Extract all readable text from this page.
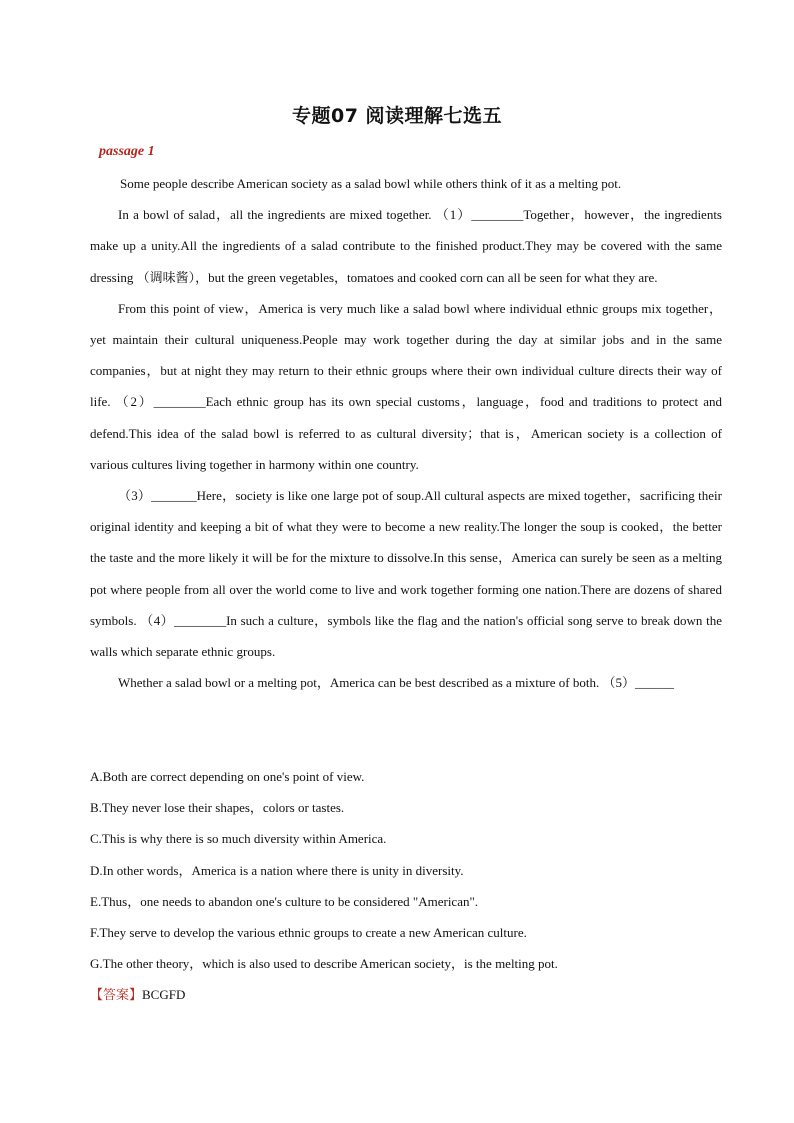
专题07 阅读理解七选五
passage 1

Some people describe American society as a salad bowl while others think of it as a melting pot.

In a bowl of salad，all the ingredients are mixed together. （1）________Together，however，the ingredients make up a unity.All the ingredients of a salad contribute to the finished product.They may be covered with the same dressing （调味酱），but the green vegetables，tomatoes and cooked corn can all be seen for what they are.

From this point of view，America is very much like a salad bowl where individual ethnic groups mix together，yet maintain their cultural uniqueness.People may work together during the day at similar jobs and in the same companies，but at night they may return to their ethnic groups where their own individual culture directs their way of life. （2）________Each ethnic group has its own special customs，language，food and traditions to protect and defend.This idea of the salad bowl is referred to as cultural diversity；that is，American society is a collection of various cultures living together in harmony within one country.

（3）_______Here，society is like one large pot of soup.All cultural aspects are mixed together，sacrificing their original identity and keeping a bit of what they were to become a new reality.The longer the soup is cooked，the better the taste and the more likely it will be for the mixture to dissolve.In this sense，America can surely be seen as a melting pot where people from all over the world come to live and work together forming one nation.There are dozens of shared symbols. （4）________In such a culture，symbols like the flag and the nation's official song serve to break down the walls which separate ethnic groups.

Whether a salad bowl or a melting pot，America can be best described as a mixture of both. （5）______

A.Both are correct depending on one's point of view.
B.They never lose their shapes，colors or tastes.
C.This is why there is so much diversity within America.
D.In other words，America is a nation where there is unity in diversity.
E.Thus，one needs to abandon one's culture to be considered "American".
F.They serve to develop the various ethnic groups to create a new American culture.
G.The other theory，which is also used to describe American society，is the melting pot.
【答案】BCGFD
